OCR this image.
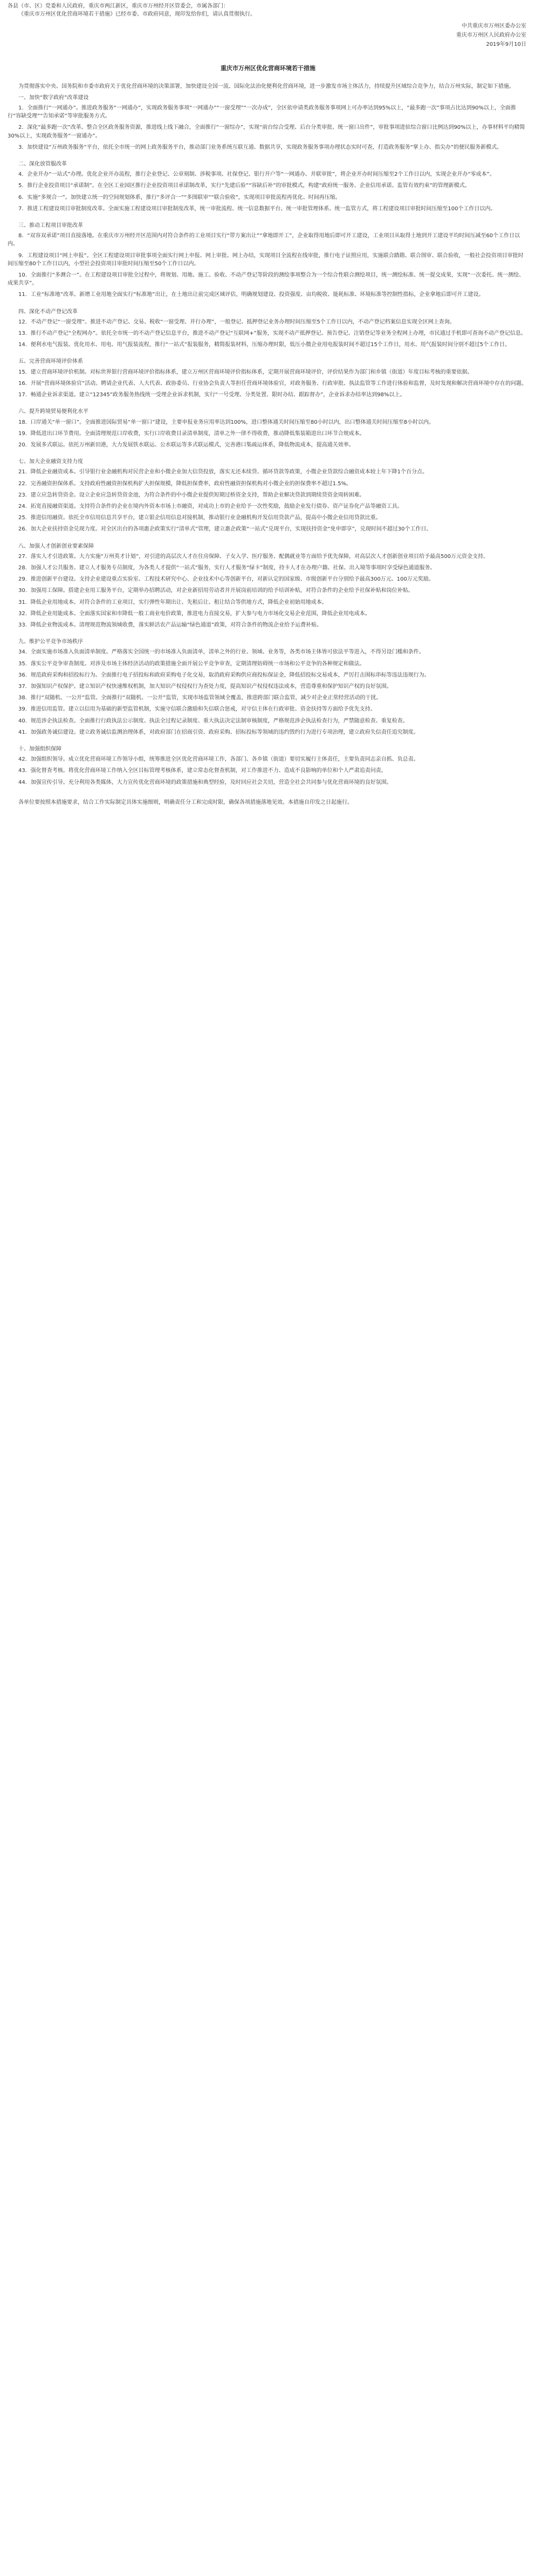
各县（市、区）党委和人民政府，重庆市两江新区，重庆市万州经开区管委会，市属各部门：

《重庆市万州区优化营商环境若干措施》已经市委、市政府同意，现印发给你们，请认真贯彻执行。

中共重庆市万州区委办公室
重庆市万州区人民政府办公室
2019年9月10日
重庆市万州区优化营商环境若干措施

为贯彻落实中央、国务院和市委市政府关于优化营商环境的决策部署，加快建设全国一流、国际化法治化便利化营商环境，进一步激发市场主体活力，持续提升区域综合竞争力，结合万州实际，制定如下措施。

一、加快“数字政府”改革建设

1．全面推行“一网通办”。推进政务服务“一网通办”，实现政务服务事项“一网通办”“一窗受理”“一次办成”，全区依申请类政务服务事项网上可办率达到95%以上，“最多跑一次”事项占比达到90%以上，全面推行“容缺受理”“告知承诺”等审批服务方式。

2．深化“最多跑一次”改革。整合全区政务服务资源，推进线上线下融合，全面推行“一窗综办”，实现“前台综合受理、后台分类审批、统一窗口出件”，审批事项进驻综合窗口比例达到90%以上，办事材料平均精简30%以上，实现政务服务“一窗通办”。

3．加快建设“万州政务服务”平台，依托全市统一的网上政务服务平台，推动部门业务系统互联互通、数据共享，实现政务服务事项办理状态实时可查，打造政务服务“掌上办、指尖办”的便民服务新模式。

二、深化放管服改革

4．企业开办“一站式”办理。优化企业开办流程，推行企业登记、公章刻制、涉税事项、社保登记、银行开户等“一网通办、并联审批”，将企业开办时间压缩至2个工作日以内，实现企业开办“零成本”。

5．推行企业投资项目“承诺制”。在全区工业园区推行企业投资项目承诺制改革，实行“先建后验”“容缺后补”的审批模式，构建“政府统一服务、企业信用承诺、监管有效约束”的管理新模式。

6．实施“多规合一”。加快建立统一的空间规划体系，推行“多评合一”“多图联审”“联合验收”，实现项目审批流程再优化、时间再压缩。

7．推进工程建设项目审批制度改革。全面实施工程建设项目审批制度改革，统一审批流程、统一信息数据平台、统一审批管理体系、统一监管方式，将工程建设项目审批时间压缩至100个工作日以内。

三、推动工程项目审批改革

8．“双容双承诺”项目直接落地。在重庆市万州经开区范围内对符合条件的工业项目实行“带方案出让”“拿地即开工”，企业取得用地后即可开工建设，工业项目从取得土地到开工建设平均时间压减至60个工作日以内。

9．工程建设项目“网上申报”。全区工程建设项目审批事项全面实行网上申报、网上审批、网上办结，实现项目全流程在线审批，推行电子证照应用，实施联合踏勘、联合图审、联合验收，一般社会投资项目审批时间压缩至80个工作日以内，小型社会投资项目审批时间压缩至50个工作日以内。

10．全面推行“多测合一”。在工程建设项目审批全过程中，将规划、用地、施工、验收、不动产登记等阶段的测绘事项整合为一个综合性联合测绘项目，统一测绘标准、统一提交成果，实现“一次委托、统一测绘、成果共享”。

11．工业“标准地”改革。新增工业用地全面实行“标准地”出让，在土地出让前完成区域评估，明确规划建设、投资强度、亩均税收、能耗标准、环境标准等控制性指标，企业拿地后即可开工建设。

四、深化不动产登记改革

12．不动产登记“一窗受理”。推进不动产登记、交易、税收“一窗受理、并行办理”，一般登记、抵押登记业务办理时间压缩至5个工作日以内，不动产登记档案信息实现全区网上查询。

13．推行不动产登记“全程网办”。依托全市统一的不动产登记信息平台，推进不动产登记“互联网+”服务，实现不动产抵押登记、预告登记、注销登记等业务全程网上办理，市民通过手机即可查询不动产登记信息。

14．便利水电气报装。优化用水、用电、用气报装流程，推行“一站式”报装服务，精简报装材料，压缩办理时限，低压小微企业用电报装时间不超过15个工作日，用水、用气报装时间分别不超过5个工作日。

五、完善营商环境评价体系

15．建立营商环境评价机制。对标世界银行营商环境评价指标体系，建立万州区营商环境评价指标体系，定期开展营商环境评价，评价结果作为部门和乡镇（街道）年度目标考核的重要依据。

16．开展“营商环境体验官”活动。聘请企业代表、人大代表、政协委员、行业协会负责人等担任营商环境体验官，对政务服务、行政审批、执法监管等工作进行体验和监督，及时发现和解决营商环境中存在的问题。

17．畅通企业诉求渠道。建立“12345”政务服务热线统一受理企业诉求机制，实行“一号受理、分类处置、限时办结、跟踪督办”，企业诉求办结率达到98%以上。

六、提升跨境贸易便利化水平

18．口岸通关“单一窗口”。全面推进国际贸易“单一窗口”建设，主要申报业务应用率达到100%，进口整体通关时间压缩至80小时以内，出口整体通关时间压缩至8小时以内。

19．降低进出口环节费用。全面清理规范口岸收费，实行口岸收费目录清单制度，清单之外一律不得收费，推动降低集装箱进出口环节合规成本。

20．发展多式联运。依托万州新田港，大力发展铁水联运、公水联运等多式联运模式，完善港口集疏运体系，降低物流成本，提高通关效率。

七、加大企业融资支持力度

21．降低企业融资成本。引导银行业金融机构对民营企业和小微企业加大信贷投放，落实无还本续贷、循环贷款等政策，小微企业贷款综合融资成本较上年下降1个百分点。

22．完善融资担保体系。支持政府性融资担保机构扩大担保规模，降低担保费率，政府性融资担保机构对小微企业的担保费率不超过1.5%。

23．建立应急转贷资金。设立企业应急转贷资金池，为符合条件的中小微企业提供短期过桥资金支持，帮助企业解决贷款到期续贷资金周转困难。

24．拓宽直接融资渠道。支持符合条件的企业在境内外资本市场上市融资，对成功上市的企业给予一次性奖励，鼓励企业发行债券、资产证券化产品等融资工具。

25．推进信用融资。依托全市信用信息共享平台，建立银企信用信息对接机制，推动银行业金融机构开发信用贷款产品，提高中小微企业信用贷款比重。

26．加大企业扶持资金兑现力度。对全区出台的各项惠企政策实行“清单式”管理，建立惠企政策“一站式”兑现平台，实现扶持资金“免申即享”，兑现时间不超过30个工作日。

八、加强人才创新创业要素保障

27．落实人才引进政策。大力实施“万州英才计划”，对引进的高层次人才在住房保障、子女入学、医疗服务、配偶就业等方面给予优先保障，对高层次人才创新创业项目给予最高500万元资金支持。

28．加强人才公共服务。建立人才服务专员制度，为各类人才提供“一站式”服务，实行人才服务“绿卡”制度，持卡人才在办理户籍、社保、出入境等事项时享受绿色通道服务。

29．推进创新平台建设。支持企业建设重点实验室、工程技术研究中心、企业技术中心等创新平台，对新认定的国家级、市级创新平台分别给予最高300万元、100万元奖励。

30．加强用工保障。搭建企业用工服务平台，定期举办招聘活动，对企业新招用劳动者并开展岗前培训的给予培训补贴，对符合条件的企业给予社保补贴和岗位补贴。

31．降低企业用地成本。对符合条件的工业项目，实行弹性年期出让、先租后让、租让结合等供地方式，降低企业初始用地成本。

32．降低企业用能成本。全面落实国家和市降低一般工商业电价政策，推进电力直接交易，扩大参与电力市场化交易企业范围，降低企业用电成本。

33．降低企业物流成本。清理规范物流领域收费，落实鲜活农产品运输“绿色通道”政策，对符合条件的物流企业给予运费补贴。

九、维护公平竞争市场秩序

34．全面实施市场准入负面清单制度。严格落实全国统一的市场准入负面清单，清单之外的行业、领域、业务等，各类市场主体皆可依法平等进入，不得另设门槛和条件。

35．落实公平竞争审查制度。对涉及市场主体经济活动的政策措施全面开展公平竞争审查，定期清理妨碍统一市场和公平竞争的各种规定和做法。

36．规范政府采购和招投标行为。全面推行电子招投标和政府采购电子化交易，取消政府采购供应商投标保证金，降低招投标交易成本，严厉打击围标串标等违法违规行为。

37．加强知识产权保护。建立知识产权快速维权机制，加大知识产权侵权行为查处力度，提高知识产权侵权违法成本，营造尊重和保护知识产权的良好氛围。

38．推行“双随机、一公开”监管。全面推行“双随机、一公开”监管，实现市场监管领域全覆盖，推进跨部门联合监管，减少对企业正常经营活动的干扰。

39．推进信用监管。建立以信用为基础的新型监管机制，实施守信联合激励和失信联合惩戒，对守信主体在行政审批、资金扶持等方面给予优先支持。

40．规范涉企执法检查。全面推行行政执法公示制度、执法全过程记录制度、重大执法决定法制审核制度，严格规范涉企执法检查行为，严禁随意检查、重复检查。

41．加强政务诚信建设。建立政务诚信监测治理体系，对政府部门在招商引资、政府采购、招标投标等领域的违约毁约行为进行专项治理，建立政府失信责任追究制度。

十、加强组织保障

42．加强组织领导。成立优化营商环境工作领导小组，统筹推进全区优化营商环境工作，各部门、各乡镇（街道）要切实履行主体责任，主要负责同志亲自抓、负总责。

43．强化督查考核。将优化营商环境工作纳入全区目标管理考核体系，建立常态化督查机制，对工作推进不力、造成不良影响的单位和个人严肃追责问责。

44．加强宣传引导。充分利用各类媒体，大力宣传优化营商环境的政策措施和典型经验，及时回应社会关切，营造全社会共同参与优化营商环境的良好氛围。

各单位要按照本措施要求，结合工作实际制定具体实施细则，明确责任分工和完成时限，确保各项措施落地见效。本措施自印发之日起施行。
